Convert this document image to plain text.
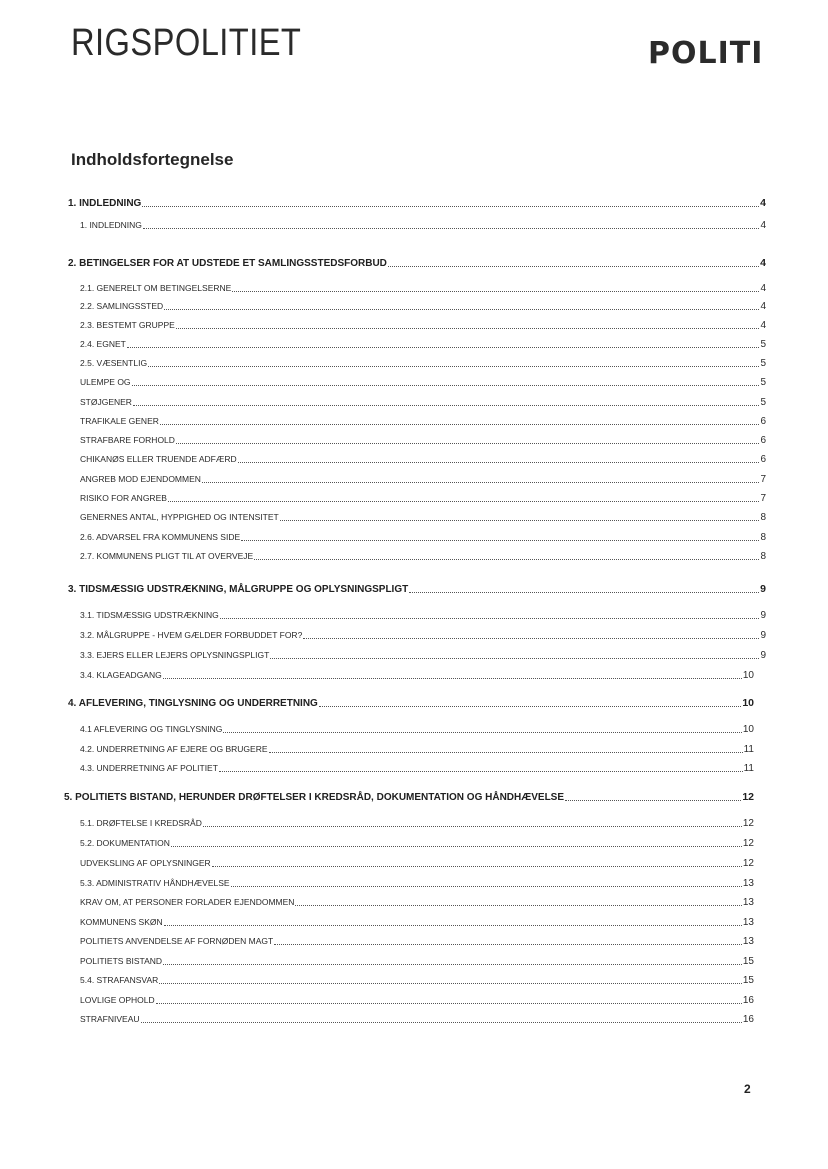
RIGSPOLITIET	POLITI
Indholdsfortegnelse
1. INDLEDNING	4
1. INDLEDNING	4
2. BETINGELSER FOR AT UDSTEDE ET SAMLINGSSTEDSFORBUD	4
2.1. GENERELT OM BETINGELSERNE	4
2.2. SAMLINGSSTED	4
2.3. BESTEMT GRUPPE	4
2.4. EGNET	5
2.5. VÆSENTLIG	5
ULEMPE OG	5
STØJGENER	5
TRAFIKALE GENER	6
STRAFBARE FORHOLD	6
CHIKANØS ELLER TRUENDE ADFÆRD	6
ANGREB MOD EJENDOMMEN	7
RISIKO FOR ANGREB	7
GENERNES ANTAL, HYPPIGHED OG INTENSITET	8
2.6. ADVARSEL FRA KOMMUNENS SIDE	8
2.7. KOMMUNENS PLIGT TIL AT OVERVEJE	8
3. TIDSMÆSSIG UDSTRÆKNING, MÅLGRUPPE OG OPLYSNINGSPLIGT	9
3.1. TIDSMÆSSIG UDSTRÆKNING	9
3.2. MÅLGRUPPE - HVEM GÆLDER FORBUDDET FOR?	9
3.3. EJERS ELLER LEJERS OPLYSNINGSPLIGT	9
3.4. KLAGEADGANG	10
4. AFLEVERING, TINGLYSNING OG UNDERRETNING	10
4.1 AFLEVERING OG TINGLYSNING	10
4.2. UNDERRETNING AF EJERE OG BRUGERE	11
4.3. UNDERRETNING AF POLITIET	11
5. POLITIETS BISTAND, HERUNDER DRØFTELSER I KREDSRÅD, DOKUMENTATION OG HÅNDHÆVELSE	12
5.1. DRØFTELSE I KREDSRÅD	12
5.2. DOKUMENTATION	12
UDVEKSLING AF OPLYSNINGER	12
5.3. ADMINISTRATIV HÅNDHÆVELSE	13
KRAV OM, AT PERSONER FORLADER EJENDOMMEN	13
KOMMUNENS SKØN	13
POLITIETS ANVENDELSE AF FORNØDEN MAGT	13
POLITIETS BISTAND	15
5.4. STRAFANSVAR	15
LOVLIGE OPHOLD	16
STRAFNIVEAU	16
2
